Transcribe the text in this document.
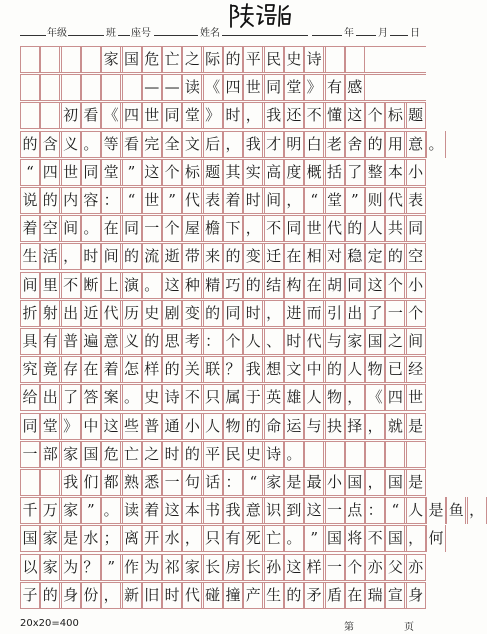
年级	班 座号	姓名	年 月 日
家 国 危 亡 之 际 的 平 民 史 诗
— — 读 《 四 世 同 堂 》 有 感
初 看 《 四 世 同 堂 》 时 ， 我 还 不 懂 这 个 标 题
的 含 义 。 等 看 完 全 文 后 ， 我 才 明 白 老 舍 的 用 意 。
“ 四 世 同 堂 ” 这 个 标 题 其 实 高 度 概 括 了 整 本 小
说 的 内 容 ： “ 世 ” 代 表 着 时 间 ， “ 堂 ” 则 代 表
着 空 间 。 在 同 一 个 屋 檐 下 ， 不 同 世 代 的 人 共 同
生 活 ， 时 间 的 流 逝 带 来 的 变 迁 在 相 对 稳 定 的 空
间 里 不 断 上 演 。 这 种 精 巧 的 结 构 在 胡 同 这 个 小
折 射 出 近 代 历 史 剧 变 的 同 时 ， 进 而 引 出 了 一 个
具 有 普 遍 意 义 的 思 考 ： 个 人 、 时 代 与 家 国 之 间
究 竟 存 在 着 怎 样 的 关 联 ？ 我 想 文 中 的 人 物 已 经
给 出 了 答 案 。 史 诗 不 只 属 于 英 雄 人 物 ， 《 四 世
同 堂 》 中 这 些 普 通 小 人 物 的 命 运 与 抉 择 ， 就 是
一 部 家 国 危 亡 之 时 的 平 民 史 诗 。
我 们 都 熟 悉 一 句 话 ： “ 家 是 最 小 国 ， 国 是
千 万 家 ” 。 读 着 这 本 书 我 意 识 到 这 一 点 ： “ 人 是 鱼 ，
国 家 是 水 ； 离 开 水 ， 只 有 死 亡 。 ” 国 将 不 国 ， 何
以 家 为 ？ ” 作 为 祁 家 长 房 长 孙 这 样 一 个 亦 父 亦
子 的 身 份 ， 新 旧 时 代 碰 撞 产 生 的 矛 盾 在 瑞 宣 身
20x20=400	第	页
